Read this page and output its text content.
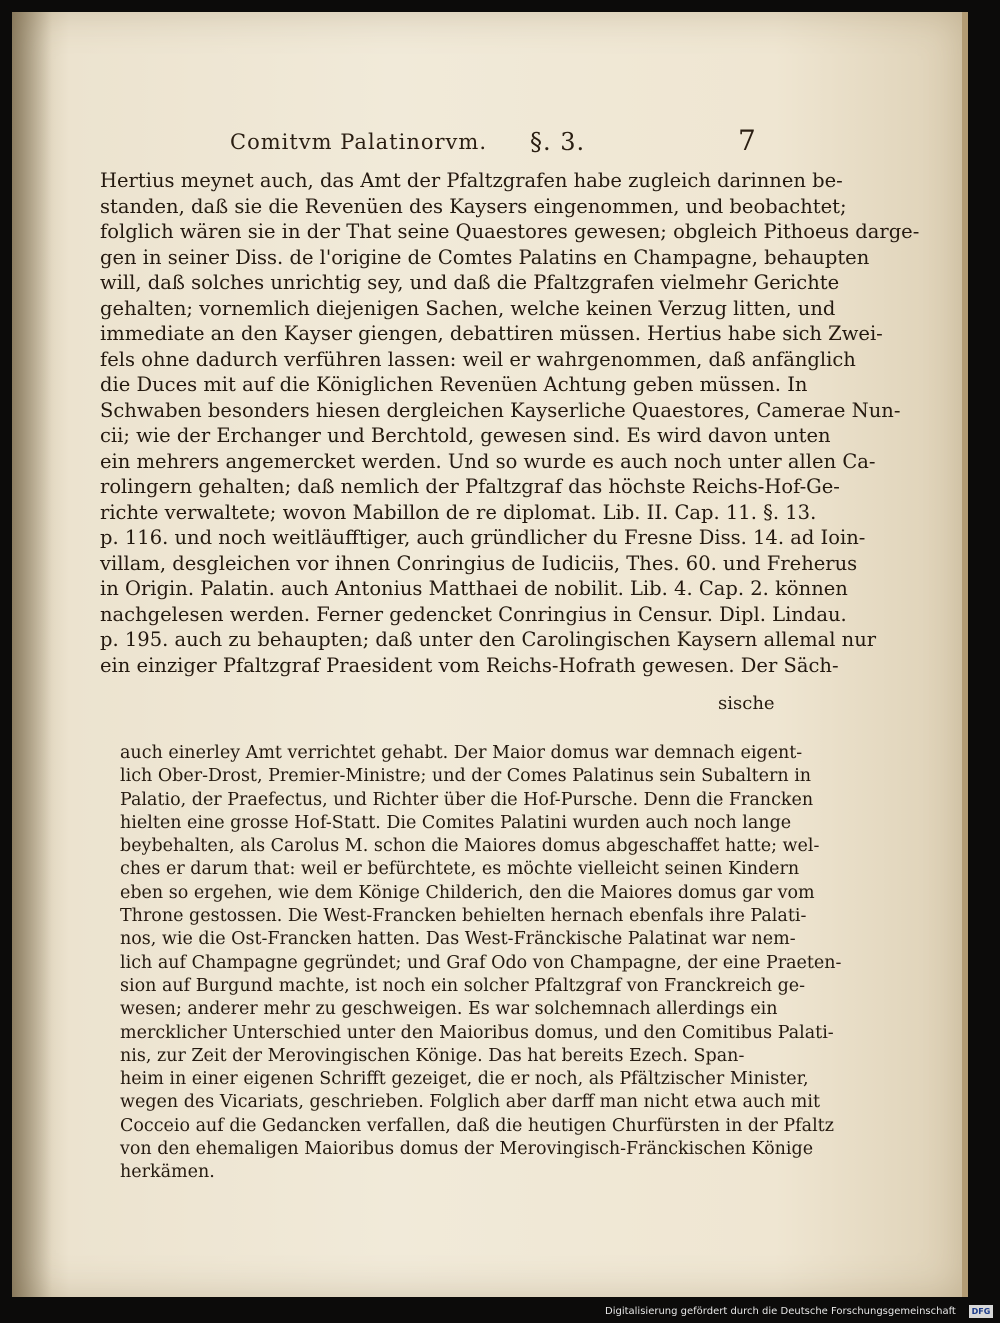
Comitvm Palatinorvm. §. 3.	7
Hertius meynet auch, das Amt der Pfaltzgrafen habe zugleich darinnen be-
standen, daß sie die Revenüen des Kaysers eingenommen, und beobachtet;
folglich wären sie in der That seine Quaestores gewesen; obgleich Pithoeus darge-
gen in seiner Diss. de l'origine de Comtes Palatins en Champagne, behaupten
will, daß solches unrichtig sey, und daß die Pfaltzgrafen vielmehr Gerichte
gehalten; vornemlich diejenigen Sachen, welche keinen Verzug litten, und
immediate an den Kayser giengen, debattiren müssen. Hertius habe sich Zwei-
fels ohne dadurch verführen lassen: weil er wahrgenommen, daß anfänglich
die Duces mit auf die Königlichen Revenüen Achtung geben müssen. In
Schwaben besonders hiesen dergleichen Kayserliche Quaestores, Camerae Nun-
cii; wie der Erchanger und Berchtold, gewesen sind. Es wird davon unten
ein mehrers angemercket werden. Und so wurde es auch noch unter allen Ca-
rolingern gehalten; daß nemlich der Pfaltzgraf das höchste Reichs-Hof-Ge-
richte verwaltete; wovon Mabillon de re diplomat. Lib. II. Cap. 11. §. 13.
p. 116. und noch weitläufftiger, auch gründlicher du Fresne Diss. 14. ad Ioin-
villam, desgleichen vor ihnen Conringius de Iudiciis, Thes. 60. und Freherus
in Origin. Palatin. auch Antonius Matthaei de nobilit. Lib. 4. Cap. 2. können
nachgelesen werden. Ferner gedencket Conringius in Censur. Dipl. Lindau.
p. 195. auch zu behaupten; daß unter den Carolingischen Kaysern allemal nur
ein einziger Pfaltzgraf Praesident vom Reichs-Hofrath gewesen. Der Säch-
sische
auch einerley Amt verrichtet gehabt. Der Maior domus war demnach eigent-
lich Ober-Drost, Premier-Ministre; und der Comes Palatinus sein Subaltern in
Palatio, der Praefectus, und Richter über die Hof-Pursche. Denn die Francken
hielten eine grosse Hof-Statt. Die Comites Palatini wurden auch noch lange
beybehalten, als Carolus M. schon die Maiores domus abgeschaffet hatte; wel-
ches er darum that: weil er befürchtete, es möchte vielleicht seinen Kindern
eben so ergehen, wie dem Könige Childerich, den die Maiores domus gar vom
Throne gestossen. Die West-Francken behielten hernach ebenfals ihre Palati-
nos, wie die Ost-Francken hatten. Das West-Fränckische Palatinat war nem-
lich auf Champagne gegründet; und Graf Odo von Champagne, der eine Praeten-
sion auf Burgund machte, ist noch ein solcher Pfaltzgraf von Franckreich ge-
wesen; anderer mehr zu geschweigen. Es war solchemnach allerdings ein
mercklicher Unterschied unter den Maioribus domus, und den Comitibus Palati-
nis, zur Zeit der Merovingischen Könige. Das hat bereits Ezech. Span-
heim in einer eigenen Schrifft gezeiget, die er noch, als Pfältzischer Minister,
wegen des Vicariats, geschrieben. Folglich aber darff man nicht etwa auch mit
Cocceio auf die Gedancken verfallen, daß die heutigen Churfürsten in der Pfaltz
von den ehemaligen Maioribus domus der Merovingisch-Fränckischen Könige
herkämen.
Digitalisierung gefördert durch die Deutsche Forschungsgemeinschaft	DFG
